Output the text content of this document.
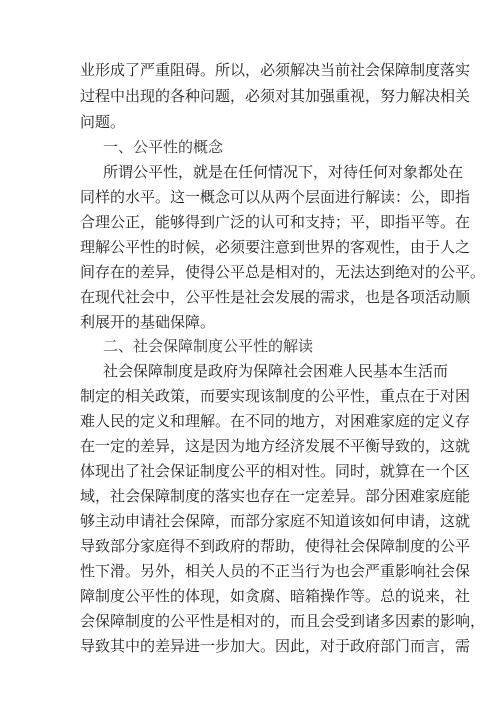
业形成了严重阻碍。所以，必须解决当前社会保障制度落实
过程中出现的各种问题，必须对其加强重视，努力解决相关
问题。
一、公平性的概念
所谓公平性，就是在任何情况下，对待任何对象都处在
同样的水平。这一概念可以从两个层面进行解读：公，即指
合理公正，能够得到广泛的认可和支持；平，即指平等。在
理解公平性的时候，必须要注意到世界的客观性，由于人之
间存在的差异，使得公平总是相对的，无法达到绝对的公平。
在现代社会中，公平性是社会发展的需求，也是各项活动顺
利展开的基础保障。
二、社会保障制度公平性的解读
社会保障制度是政府为保障社会困难人民基本生活而
制定的相关政策，而要实现该制度的公平性，重点在于对困
难人民的定义和理解。在不同的地方，对困难家庭的定义存
在一定的差异，这是因为地方经济发展不平衡导致的，这就
体现出了社会保证制度公平的相对性。同时，就算在一个区
域，社会保障制度的落实也存在一定差异。部分困难家庭能
够主动申请社会保障，而部分家庭不知道该如何申请，这就
导致部分家庭得不到政府的帮助，使得社会保障制度的公平
性下滑。另外，相关人员的不正当行为也会严重影响社会保
障制度公平性的体现，如贪腐、暗箱操作等。总的说来，社
会保障制度的公平性是相对的，而且会受到诸多因素的影响，
导致其中的差异进一步加大。因此，对于政府部门而言，需
